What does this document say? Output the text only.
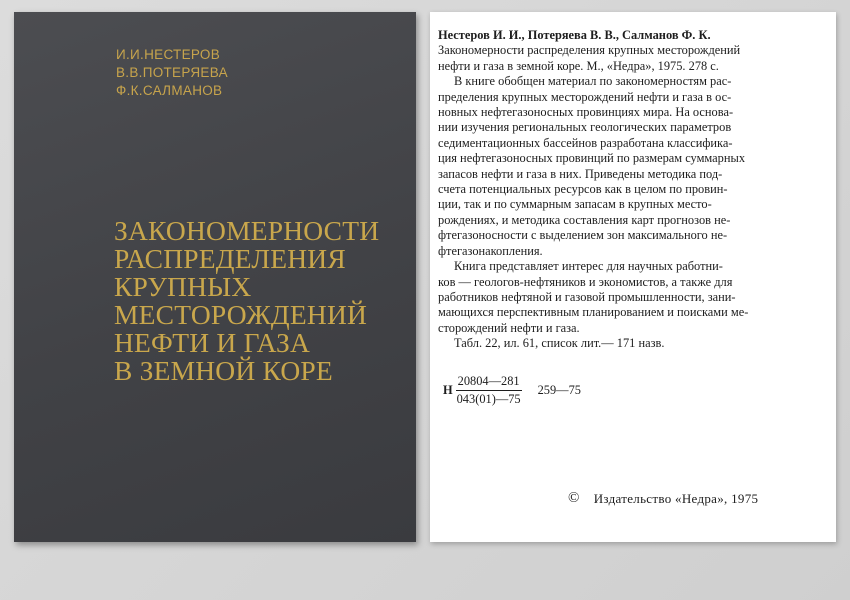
И.И.НЕСТЕРОВ
В.В.ПОТЕРЯЕВА
Ф.К.САЛМАНОВ
ЗАКОНОМЕРНОСТИ
РАСПРЕДЕЛЕНИЯ
КРУПНЫХ
МЕСТОРОЖДЕНИЙ
НЕФТИ И ГАЗА
В ЗЕМНОЙ КОРЕ
Нестеров И. И., Потеряева В. В., Салманов Ф. К.
Закономерности распределения крупных месторождений
нефти и газа в земной коре. М., «Недра», 1975. 278 с.
В книге обобщен материал по закономерностям рас-
пределения крупных месторождений нефти и газа в ос-
новных нефтегазоносных провинциях мира. На основа-
нии изучения региональных геологических параметров
седиментационных бассейнов разработана классифика-
ция нефтегазоносных провинций по размерам суммарных
запасов нефти и газа в них. Приведены методика под-
счета потенциальных ресурсов как в целом по провин-
ции, так и по суммарным запасам в крупных место-
рождениях, и методика составления карт прогнозов не-
фтегазоносности с выделением зон максимального не-
фтегазонакопления.
Книга представляет интерес для научных работни-
ков — геологов-нефтяников и экономистов, а также для
работников нефтяной и газовой промышленности, зани-
мающихся перспективным планированием и поисками ме-
сторождений нефти и газа.
Табл. 22, ил. 61, список лит.— 171 назв.
Н $\frac{20804—281}{043(01)—75}$ 259—75
© Издательство «Недра», 1975
